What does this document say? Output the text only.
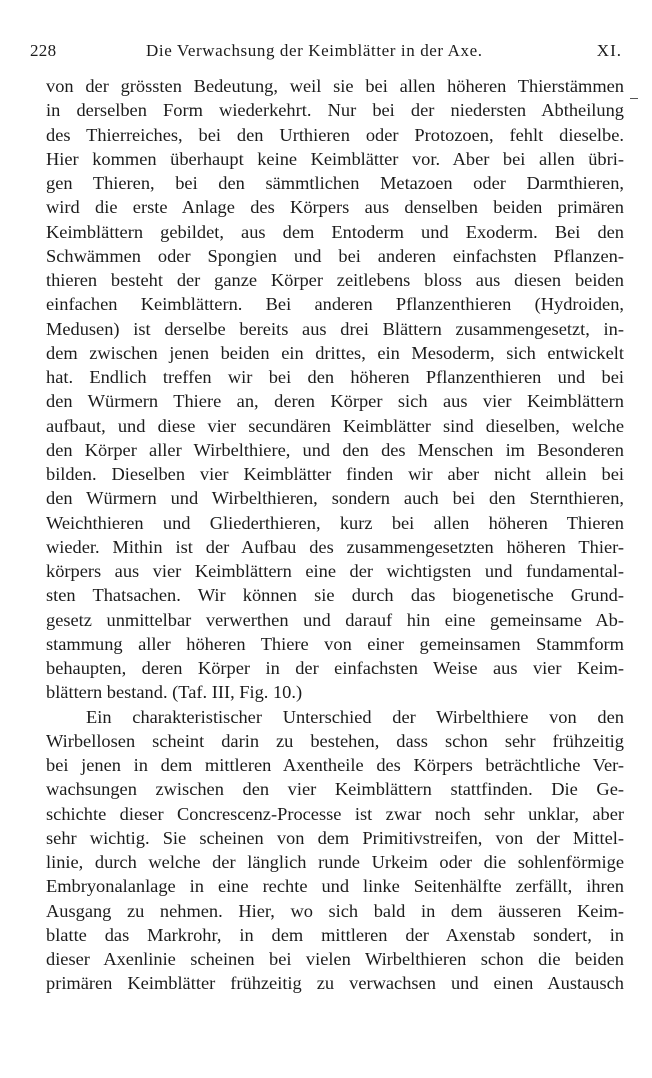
228	Die Verwachsung der Keimblätter in der Axe.	XI.
von der grössten Bedeutung, weil sie bei allen höheren Thierstämmen
in derselben Form wiederkehrt. Nur bei der niedersten Abtheilung
des Thierreiches, bei den Urthieren oder Protozoen, fehlt dieselbe.
Hier kommen überhaupt keine Keimblätter vor. Aber bei allen übri-
gen Thieren, bei den sämmtlichen Metazoen oder Darmthieren,
wird die erste Anlage des Körpers aus denselben beiden primären
Keimblättern gebildet, aus dem Entoderm und Exoderm. Bei den
Schwämmen oder Spongien und bei anderen einfachsten Pflanzen-
thieren besteht der ganze Körper zeitlebens bloss aus diesen beiden
einfachen Keimblättern. Bei anderen Pflanzenthieren (Hydroiden,
Medusen) ist derselbe bereits aus drei Blättern zusammengesetzt, in-
dem zwischen jenen beiden ein drittes, ein Mesoderm, sich entwickelt
hat. Endlich treffen wir bei den höheren Pflanzenthieren und bei
den Würmern Thiere an, deren Körper sich aus vier Keimblättern
aufbaut, und diese vier secundären Keimblätter sind dieselben, welche
den Körper aller Wirbelthiere, und den des Menschen im Besonderen
bilden. Dieselben vier Keimblätter finden wir aber nicht allein bei
den Würmern und Wirbelthieren, sondern auch bei den Sternthieren,
Weichthieren und Gliederthieren, kurz bei allen höheren Thieren
wieder. Mithin ist der Aufbau des zusammengesetzten höheren Thier-
körpers aus vier Keimblättern eine der wichtigsten und fundamental-
sten Thatsachen. Wir können sie durch das biogenetische Grund-
gesetz unmittelbar verwerthen und darauf hin eine gemeinsame Ab-
stammung aller höheren Thiere von einer gemeinsamen Stammform
behaupten, deren Körper in der einfachsten Weise aus vier Keim-
blättern bestand. (Taf. III, Fig. 10.)
Ein charakteristischer Unterschied der Wirbelthiere von den
Wirbellosen scheint darin zu bestehen, dass schon sehr frühzeitig
bei jenen in dem mittleren Axentheile des Körpers beträchtliche Ver-
wachsungen zwischen den vier Keimblättern stattfinden. Die Ge-
schichte dieser Concrescenz-Processe ist zwar noch sehr unklar, aber
sehr wichtig. Sie scheinen von dem Primitivstreifen, von der Mittel-
linie, durch welche der länglich runde Urkeim oder die sohlenförmige
Embryonalanlage in eine rechte und linke Seitenhälfte zerfällt, ihren
Ausgang zu nehmen. Hier, wo sich bald in dem äusseren Keim-
blatte das Markrohr, in dem mittleren der Axenstab sondert, in
dieser Axenlinie scheinen bei vielen Wirbelthieren schon die beiden
primären Keimblätter frühzeitig zu verwachsen und einen Austausch
